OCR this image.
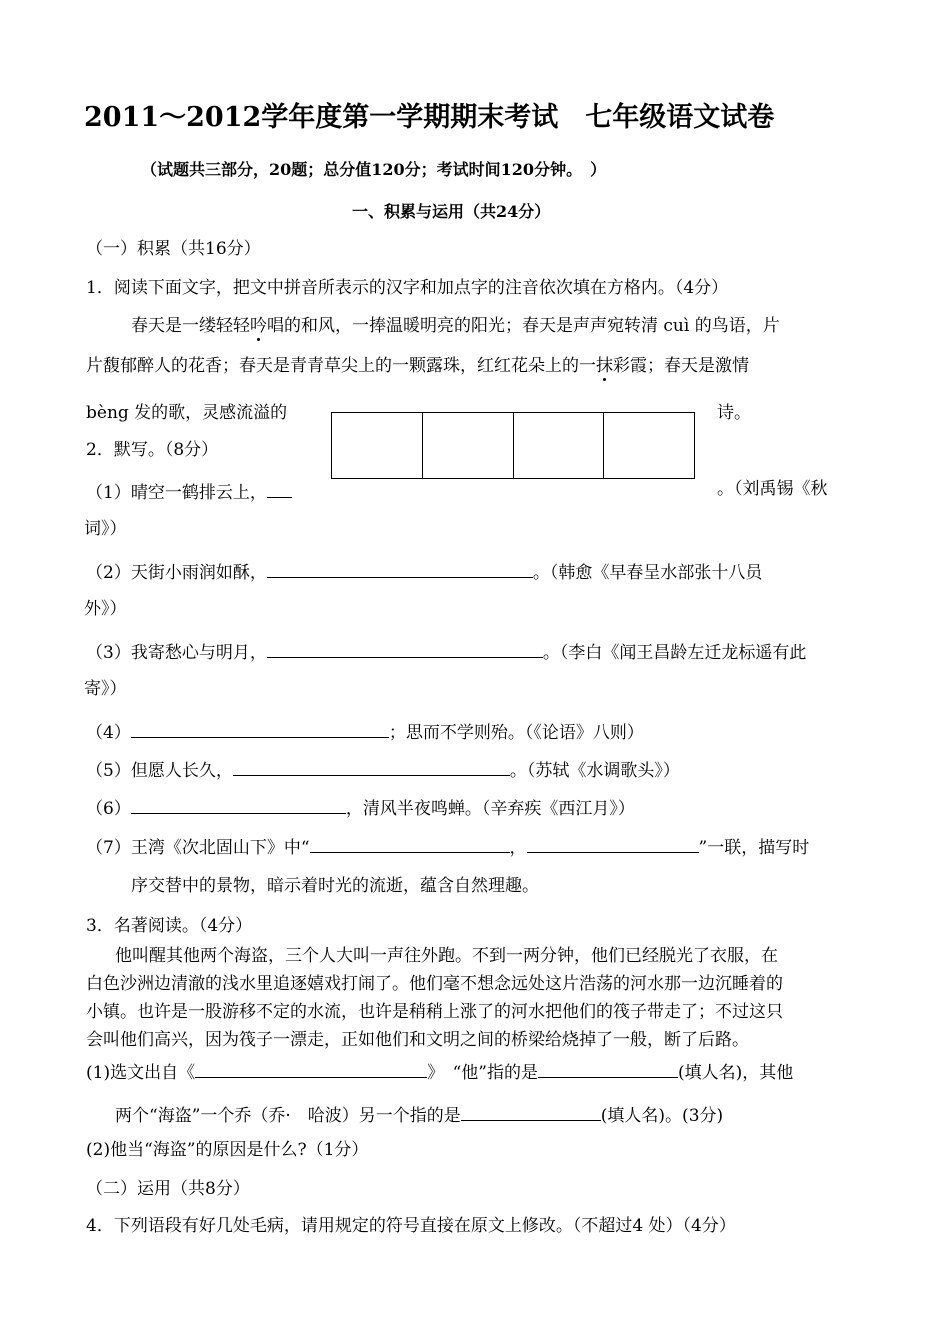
2011～2012学年度第一学期期末考试　七年级语文试卷
（试题共三部分，20题；总分值120分；考试时间120分钟。　）
一、积累与运用（共24分）
（一）积累（共16分）
1．阅读下面文字，把文中拼音所表示的汉字和加点字的注音依次填在方格内。（4分）
春天是一缕轻轻吟唱的和风，一捧温暖明亮的阳光；春天是声声宛转清 cuì 的鸟语，片
片馥郁醉人的花香；春天是青青草尖上的一颗露珠，红红花朵上的一抹彩霞；春天是激情
bèng 发的歌，灵感流溢的	诗。
2．默写。（8分）
（1）晴空一鹤排云上，	。（刘禹锡《秋
词》）
（2）天街小雨润如酥，	。（韩愈《早春呈水部张十八员
外》）
（3）我寄愁心与明月，	。（李白《闻王昌龄左迁龙标遥有此
寄》）
（4）	；思而不学则殆。（《论语》八则）
（5）但愿人长久，	。（苏轼《水调歌头》）
（6）	，清风半夜鸣蝉。（辛弃疾《西江月》）
（7）王湾《次北固山下》中“	，	”一联，描写时
序交替中的景物，暗示着时光的流逝，蕴含自然理趣。
3．名著阅读。（4分）
他叫醒其他两个海盗，三个人大叫一声往外跑。不到一两分钟，他们已经脱光了衣服，在
白色沙洲边清澈的浅水里追逐嬉戏打闹了。他们毫不想念远处这片浩荡的河水那一边沉睡着的
小镇。也许是一股游移不定的水流，也许是稍稍上涨了的河水把他们的筏子带走了；不过这只
会叫他们高兴，因为筏子一漂走，正如他们和文明之间的桥梁给烧掉了一般，断了后路。
(1)选文出自《	》　“他”指的是	(填人名)，其他
两个“海盗”一个乔（乔·　哈波）另一个指的是	(填人名)。(3分)
(2)他当“海盗”的原因是什么?（1分）
（二）运用（共8分）
4．下列语段有好几处毛病，请用规定的符号直接在原文上修改。（不超过4 处）（4分）
